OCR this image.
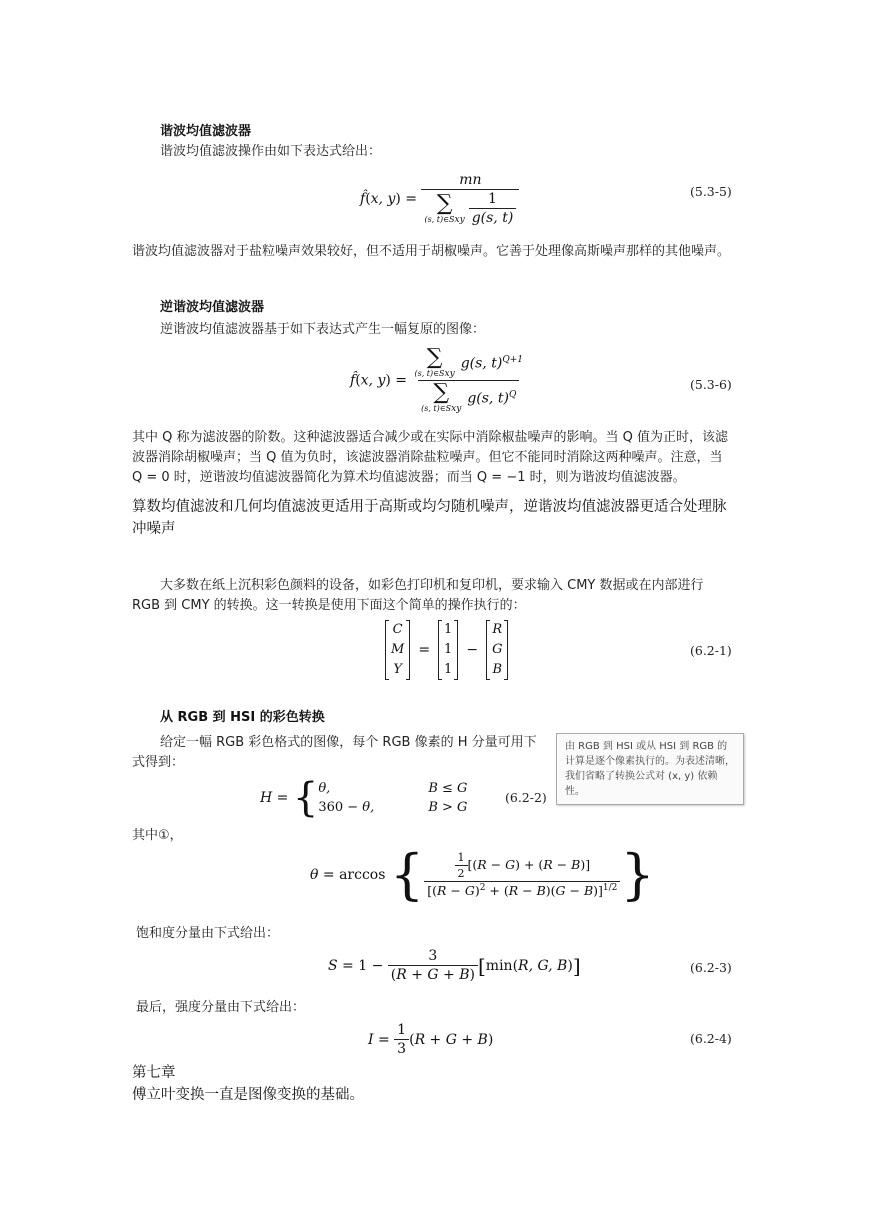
谐波均值滤波器
谐波均值滤波操作由如下表达式给出：
f̂(x, y) = mn
∑
(s, t)∈Sxy $\frac{1}{g(s, t)}$	(5.3-5)
谐波均值滤波器对于盐粒噪声效果较好，但不适用于胡椒噪声。它善于处理像高斯噪声那样的其他噪声。
逆谐波均值滤波器
逆谐波均值滤波器基于如下表达式产生一幅复原的图像：
f̂(x, y) = ∑
(s, t)∈Sxy
g(s, t)$^{Q+1}$
∑
(s, t)∈Sxy
g(s, t)$^Q$	(5.3-6)
其中 Q 称为滤波器的阶数。这种滤波器适合减少或在实际中消除椒盐噪声的影响。当 Q 值为正时，该滤波器消除胡椒噪声；当 Q 值为负时，该滤波器消除盐粒噪声。但它不能同时消除这两种噪声。注意，当 Q = 0 时，逆谐波均值滤波器简化为算术均值滤波器；而当 Q = −1 时，则为谐波均值滤波器。
算数均值滤波和几何均值滤波更适用于高斯或均匀随机噪声，逆谐波均值滤波器更适合处理脉冲噪声
大多数在纸上沉积彩色颜料的设备，如彩色打印机和复印机，要求输入 CMY 数据或在内部进行 RGB 到 CMY 的转换。这一转换是使用下面这个简单的操作执行的：
C
M
Y
=
1
1
1
−
R
G
B
(6.2-1)
从 RGB 到 HSI 的彩色转换
给定一幅 RGB 彩色格式的图像，每个 RGB 像素的 H 分量可用下式得到：
由 RGB 到 HSI 或从 HSI 到 RGB 的计算是逐个像素执行的。为表述清晰，我们省略了转换公式对 (x, y) 依赖性。
H = { θ,	B ≤ G
360 − θ,	B > G
(6.2-2)
其中①，
θ = arccos { $\frac{\frac{1}{2} [(R - G) + (R - B)]}{[(R - G)^2 + (R - B)(G - B)]^{1/2}}$ }
饱和度分量由下式给出：
$S = 1 - \frac{3}{(R + G + B)}$ [ min( R, G, B ) ]	(6.2-3)
最后，强度分量由下式给出：
$I = \frac{1}{3}$ ( R + G + B )	(6.2-4)
第七章
傅立叶变换一直是图像变换的基础。
